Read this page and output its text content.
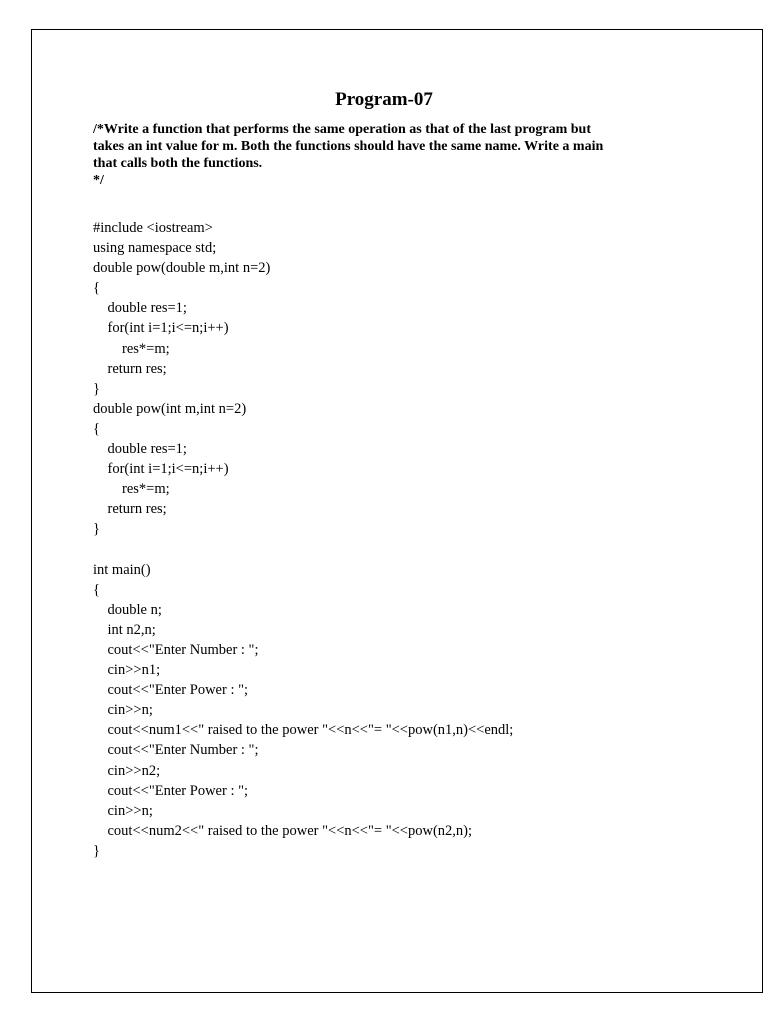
Program-07
/*Write a function that performs the same operation as that of the last program but
takes an int value for m. Both the functions should have the same name. Write a main
that calls both the functions.
*/
#include <iostream>
using namespace std;
double pow(double m,int n=2)
{
double res=1;
for(int i=1;i<=n;i++)
res*=m;
return res;
}
double pow(int m,int n=2)
{
double res=1;
for(int i=1;i<=n;i++)
res*=m;
return res;
}
int main()
{
double n;
int n2,n;
cout<<"Enter Number : ";
cin>>n1;
cout<<"Enter Power : ";
cin>>n;
cout<<num1<<" raised to the power "<<n<<"= "<<pow(n1,n)<<endl;
cout<<"Enter Number : ";
cin>>n2;
cout<<"Enter Power : ";
cin>>n;
cout<<num2<<" raised to the power "<<n<<"= "<<pow(n2,n);
}
